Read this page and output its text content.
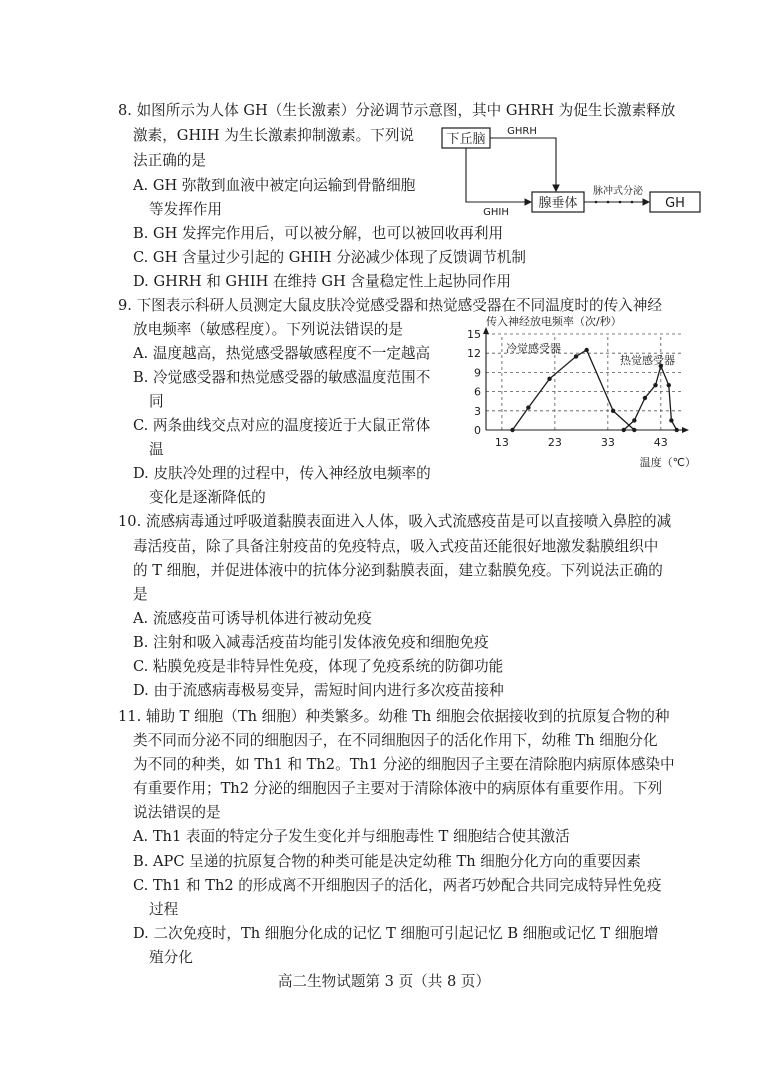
8. 如图所示为人体 GH（生长激素）分泌调节示意图，其中 GHRH 为促生长激素释放
激素，GHIH 为生长激素抑制激素。下列说
法正确的是
A. GH 弥散到血液中被定向运输到骨骼细胞
等发挥作用
B. GH 发挥完作用后，可以被分解，也可以被回收再利用
C. GH 含量过少引起的 GHIH 分泌减少体现了反馈调节机制
D. GHRH 和 GHIH 在维持 GH 含量稳定性上起协同作用
下丘脑
腺垂体	GH
GHRH
GHIH
脉冲式分泌
9. 下图表示科研人员测定大鼠皮肤冷觉感受器和热觉感受器在不同温度时的传入神经
放电频率（敏感程度）。下列说法错误的是
A. 温度越高，热觉感受器敏感程度不一定越高
B. 冷觉感受器和热觉感受器的敏感温度范围不
同
C. 两条曲线交点对应的温度接近于大鼠正常体
温
D. 皮肤冷处理的过程中，传入神经放电频率的
变化是逐渐降低的
0
3
6
9
12
15
13	23	33	43
传入神经放电频率（次/秒）
温度（℃）
冷觉感受器
热觉感受器
10. 流感病毒通过呼吸道黏膜表面进入人体，吸入式流感疫苗是可以直接喷入鼻腔的减
毒活疫苗，除了具备注射疫苗的免疫特点，吸入式疫苗还能很好地激发黏膜组织中
的 T 细胞，并促进体液中的抗体分泌到黏膜表面，建立黏膜免疫。下列说法正确的
是
A. 流感疫苗可诱导机体进行被动免疫
B. 注射和吸入减毒活疫苗均能引发体液免疫和细胞免疫
C. 粘膜免疫是非特异性免疫，体现了免疫系统的防御功能
D. 由于流感病毒极易变异，需短时间内进行多次疫苗接种
11. 辅助 T 细胞（Th 细胞）种类繁多。幼稚 Th 细胞会依据接收到的抗原复合物的种
类不同而分泌不同的细胞因子，在不同细胞因子的活化作用下，幼稚 Th 细胞分化
为不同的种类，如 Th1 和 Th2。Th1 分泌的细胞因子主要在清除胞内病原体感染中
有重要作用；Th2 分泌的细胞因子主要对于清除体液中的病原体有重要作用。下列
说法错误的是
A. Th1 表面的特定分子发生变化并与细胞毒性 T 细胞结合使其激活
B. APC 呈递的抗原复合物的种类可能是决定幼稚 Th 细胞分化方向的重要因素
C. Th1 和 Th2 的形成离不开细胞因子的活化，两者巧妙配合共同完成特异性免疫
过程
D. 二次免疫时，Th 细胞分化成的记忆 T 细胞可引起记忆 B 细胞或记忆 T 细胞增
殖分化
高二生物试题第 3 页（共 8 页）
